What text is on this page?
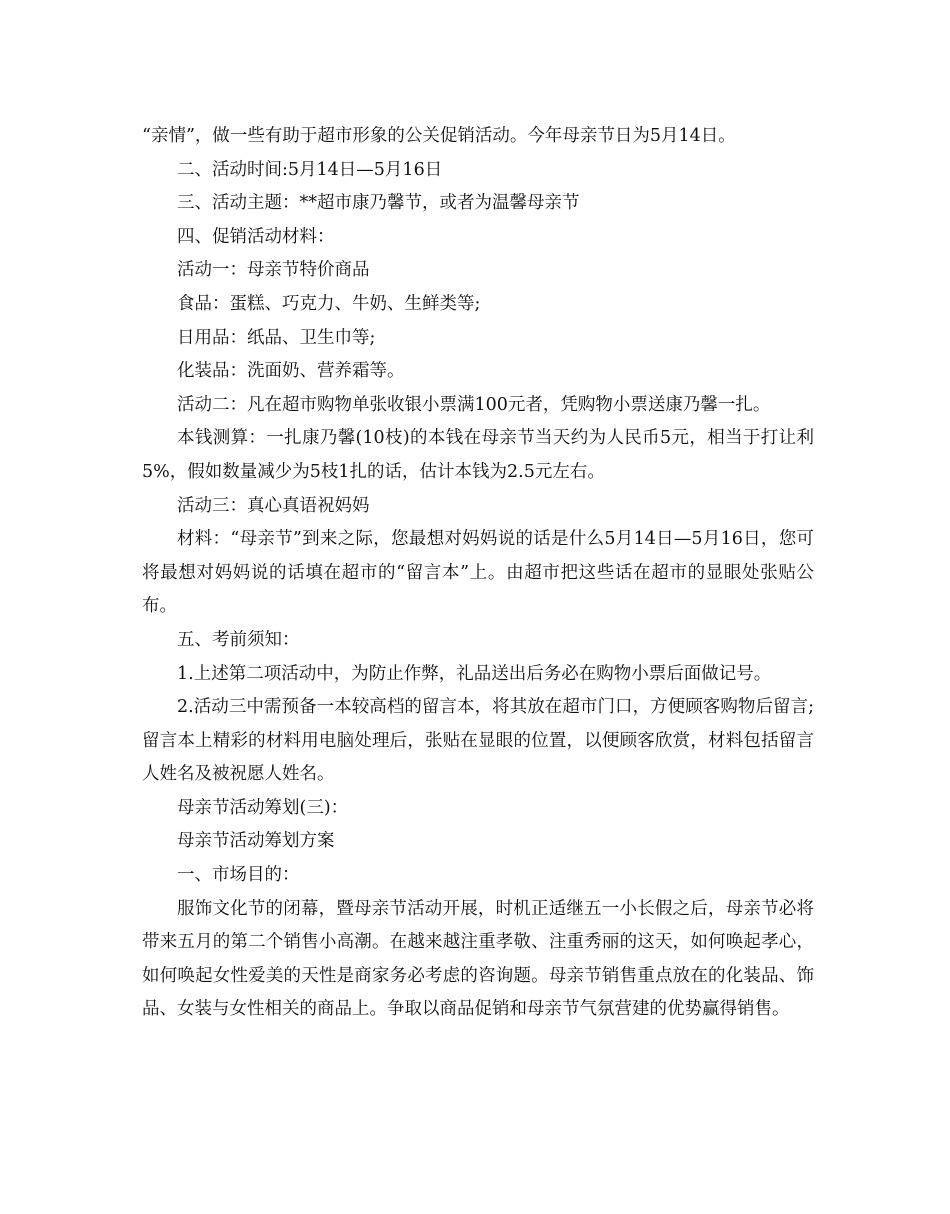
“亲情”，做一些有助于超市形象的公关促销活动。今年母亲节日为5月14日。

二、活动时间:5月14日—5月16日

三、活动主题：**超市康乃馨节，或者为温馨母亲节

四、促销活动材料：

活动一：母亲节特价商品

食品：蛋糕、巧克力、牛奶、生鲜类等;

日用品：纸品、卫生巾等;

化装品：洗面奶、营养霜等。

活动二：凡在超市购物单张收银小票满100元者，凭购物小票送康乃馨一扎。

本钱测算：一扎康乃馨(10枝)的本钱在母亲节当天约为人民币5元，相当于打让利5%，假如数量减少为5枝1扎的话，估计本钱为2.5元左右。

活动三：真心真语祝妈妈

材料：“母亲节”到来之际，您最想对妈妈说的话是什么5月14日—5月16日，您可将最想对妈妈说的话填在超市的“留言本”上。由超市把这些话在超市的显眼处张贴公布。

五、考前须知：

1.上述第二项活动中，为防止作弊，礼品送出后务必在购物小票后面做记号。

2.活动三中需预备一本较高档的留言本，将其放在超市门口，方便顾客购物后留言;留言本上精彩的材料用电脑处理后，张贴在显眼的位置，以便顾客欣赏，材料包括留言人姓名及被祝愿人姓名。

母亲节活动筹划(三)：

母亲节活动筹划方案

一、市场目的：

服饰文化节的闭幕，暨母亲节活动开展，时机正适继五一小长假之后，母亲节必将带来五月的第二个销售小高潮。在越来越注重孝敬、注重秀丽的这天，如何唤起孝心，如何唤起女性爱美的天性是商家务必考虑的咨询题。母亲节销售重点放在的化装品、饰品、女装与女性相关的商品上。争取以商品促销和母亲节气氛营建的优势赢得销售。
